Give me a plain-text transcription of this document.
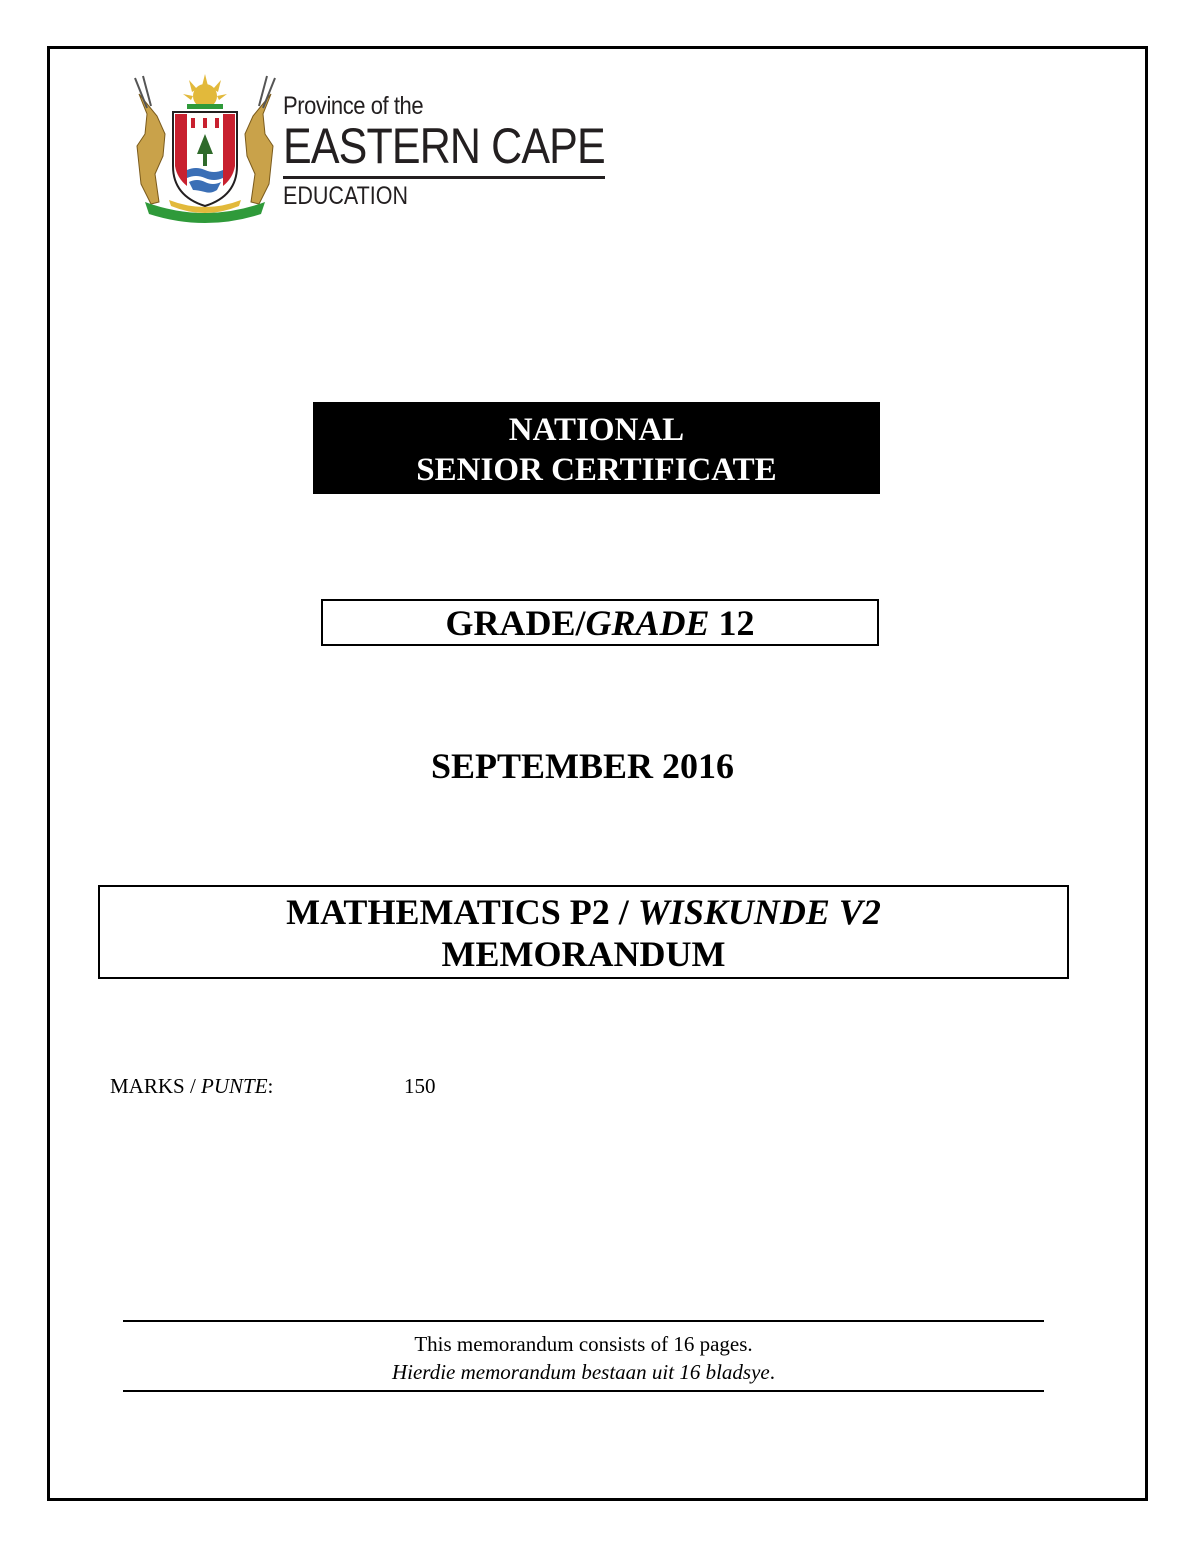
Province of the
EASTERN CAPE
EDUCATION
NATIONAL
SENIOR CERTIFICATE
GRADE/GRADE 12
SEPTEMBER 2016
MATHEMATICS P2 / WISKUNDE V2
MEMORANDUM
MARKS / PUNTE:	150
This memorandum consists of 16 pages.
Hierdie memorandum bestaan uit 16 bladsye.
